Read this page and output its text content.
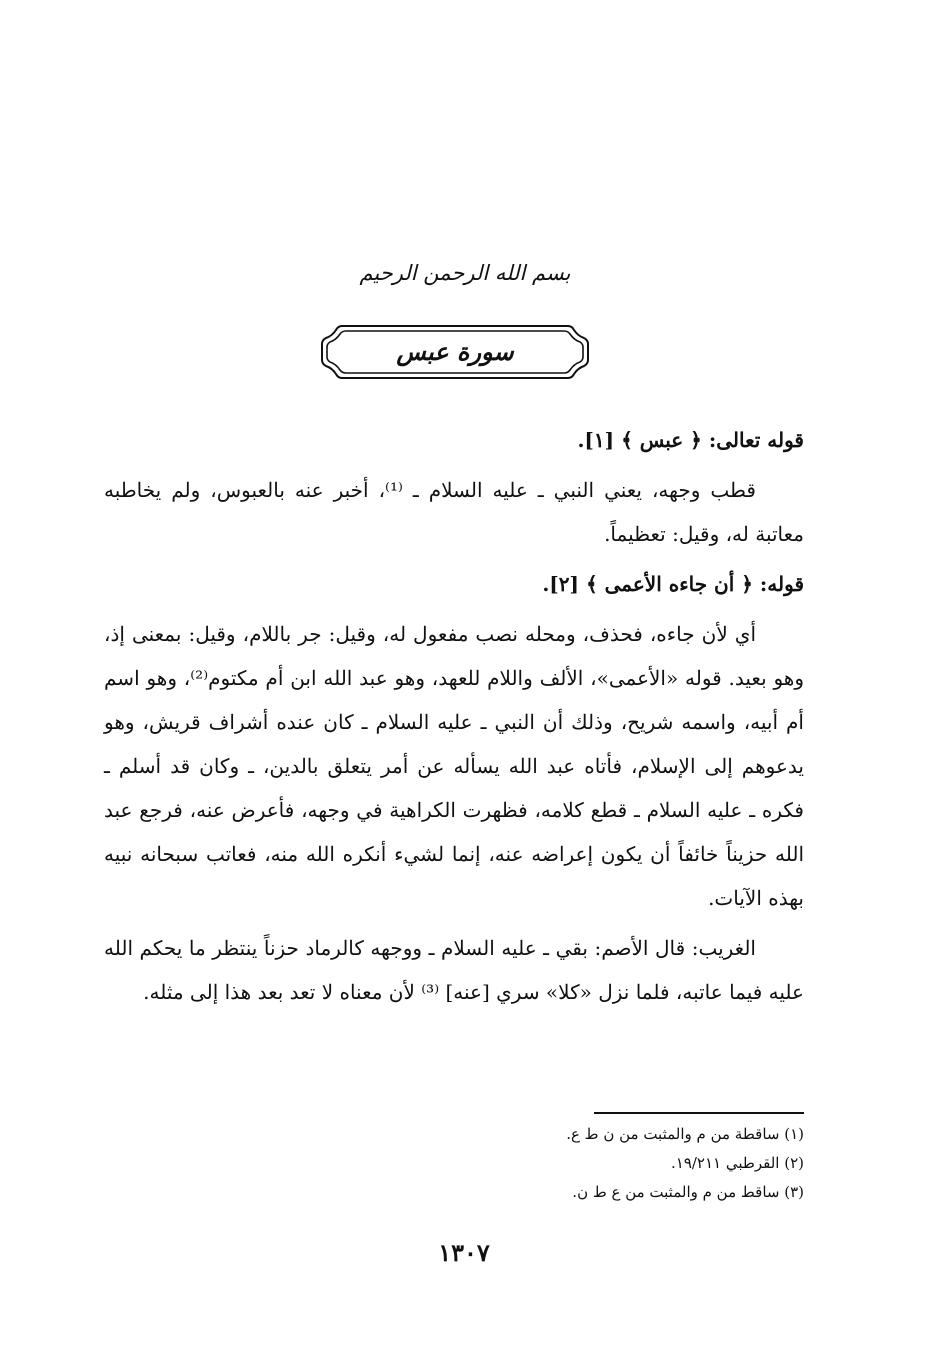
بسم الله الرحمن الرحيم
سورة عبس

قوله تعالى: ﴿ عبس ﴾ [١].

قطب وجهه، يعني النبي ـ عليه السلام ـ ⁽¹⁾، أخبر عنه بالعبوس، ولم يخاطبه معاتبة له، وقيل: تعظيماً.

قوله: ﴿ أن جاءه الأعمى ﴾ [٢].

أي لأن جاءه، فحذف، ومحله نصب مفعول له، وقيل: جر باللام، وقيل: بمعنى إذ، وهو بعيد. قوله «الأعمى»، الألف واللام للعهد، وهو عبد الله ابن أم مكتوم⁽²⁾، وهو اسم أم أبيه، واسمه شريح، وذلك أن النبي ـ عليه السلام ـ كان عنده أشراف قريش، وهو يدعوهم إلى الإسلام، فأتاه عبد الله يسأله عن أمر يتعلق بالدين، ـ وكان قد أسلم ـ فكره ـ عليه السلام ـ قطع كلامه، فظهرت الكراهية في وجهه، فأعرض عنه، فرجع عبد الله حزيناً خائفاً أن يكون إعراضه عنه، إنما لشيء أنكره الله منه، فعاتب سبحانه نبيه بهذه الآيات.

الغريب: قال الأصم: بقي ـ عليه السلام ـ ووجهه كالرماد حزناً ينتظر ما يحكم الله عليه فيما عاتبه، فلما نزل «كلا» سري [عنه] ⁽³⁾ لأن معناه لا تعد بعد هذا إلى مثله.

(١) ساقطة من م والمثبت من ن ط ع.
(٢) القرطبي ١٩/٢١١.
(٣) ساقط من م والمثبت من ع ط ن.
١٣٠٧
